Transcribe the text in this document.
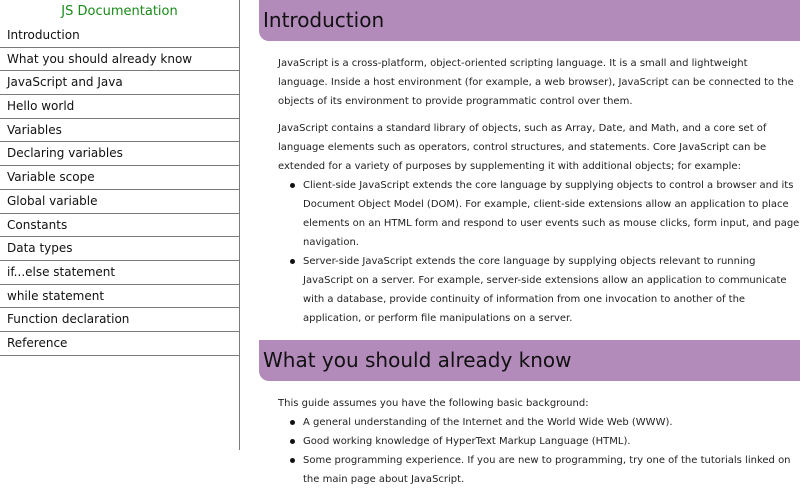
JS Documentation
Introduction
What you should already know
JavaScript and Java
Hello world
Variables
Declaring variables
Variable scope
Global variable
Constants
Data types
if...else statement
while statement
Function declaration
Reference
Introduction

JavaScript is a cross-platform, object-oriented scripting language. It is a small and lightweight language. Inside a host environment (for example, a web browser), JavaScript can be connected to the objects of its environment to provide programmatic control over them.

JavaScript contains a standard library of objects, such as Array, Date, and Math, and a core set of language elements such as operators, control structures, and statements. Core JavaScript can be extended for a variety of purposes by supplementing it with additional objects; for example:

Client-side JavaScript extends the core language by supplying objects to control a browser and its Document Object Model (DOM). For example, client-side extensions allow an application to place elements on an HTML form and respond to user events such as mouse clicks, form input, and page navigation.
Server-side JavaScript extends the core language by supplying objects relevant to running JavaScript on a server. For example, server-side extensions allow an application to communicate with a database, provide continuity of information from one invocation to another of the application, or perform file manipulations on a server.
What you should already know

This guide assumes you have the following basic background:

A general understanding of the Internet and the World Wide Web (WWW).
Good working knowledge of HyperText Markup Language (HTML).
Some programming experience. If you are new to programming, try one of the tutorials linked on the main page about JavaScript.
